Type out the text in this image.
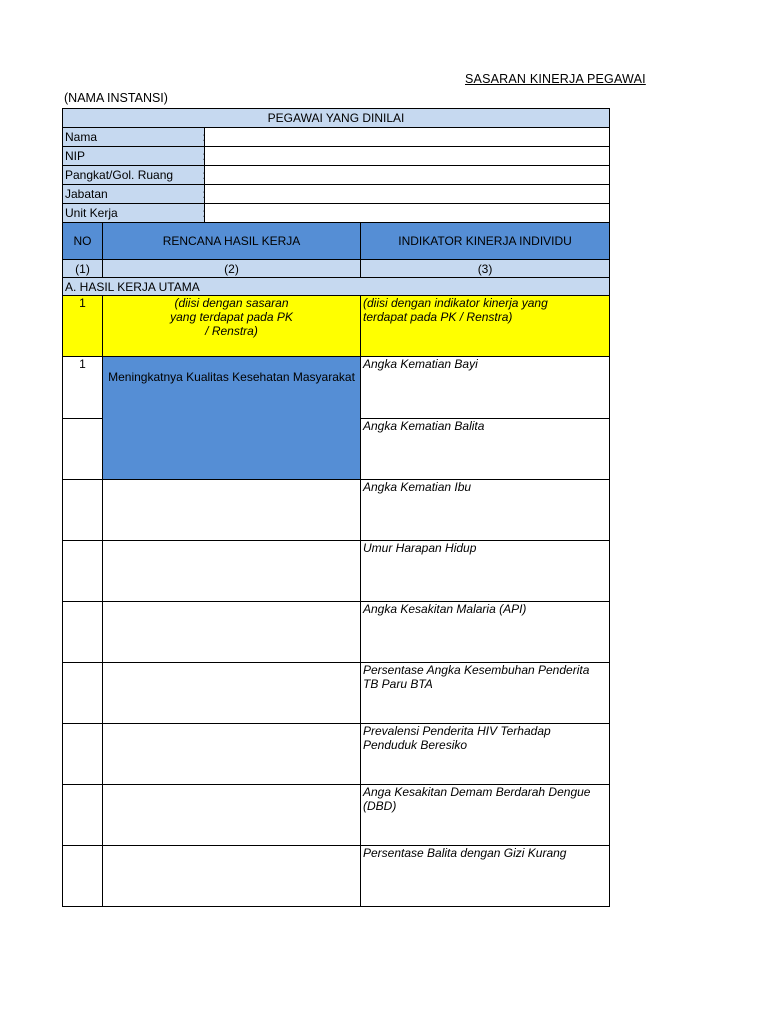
SASARAN KINERJA PEGAWAI
(NAMA INSTANSI)
PEGAWAI YANG DINILAI				
Nama		:		
NIP		:		
Pangkat/Gol. Ruang		:		
Jabatan		:		
Unit Kerja		:		
NO	RENCANA HASIL KERJA			INDIKATOR KINERJA INDIVIDU
(1)	(2)			(3)
A. HASIL KERJA UTAMA				
1	(diisi dengan sasaran
yang terdapat pada PK
/ Renstra)			(diisi dengan indikator kinerja yang
terdapat pada PK / Renstra)
1	Meningkatnya Kualitas Kesehatan Masyarakat			Angka Kematian Bayi
				Angka Kematian Balita
				Angka Kematian Ibu
				Umur Harapan Hidup
				Angka Kesakitan Malaria (API)
				Persentase Angka Kesembuhan Penderita TB Paru BTA
				Prevalensi Penderita HIV Terhadap Penduduk Beresiko
				Anga Kesakitan Demam Berdarah Dengue (DBD)
				Persentase Balita dengan Gizi Kurang
